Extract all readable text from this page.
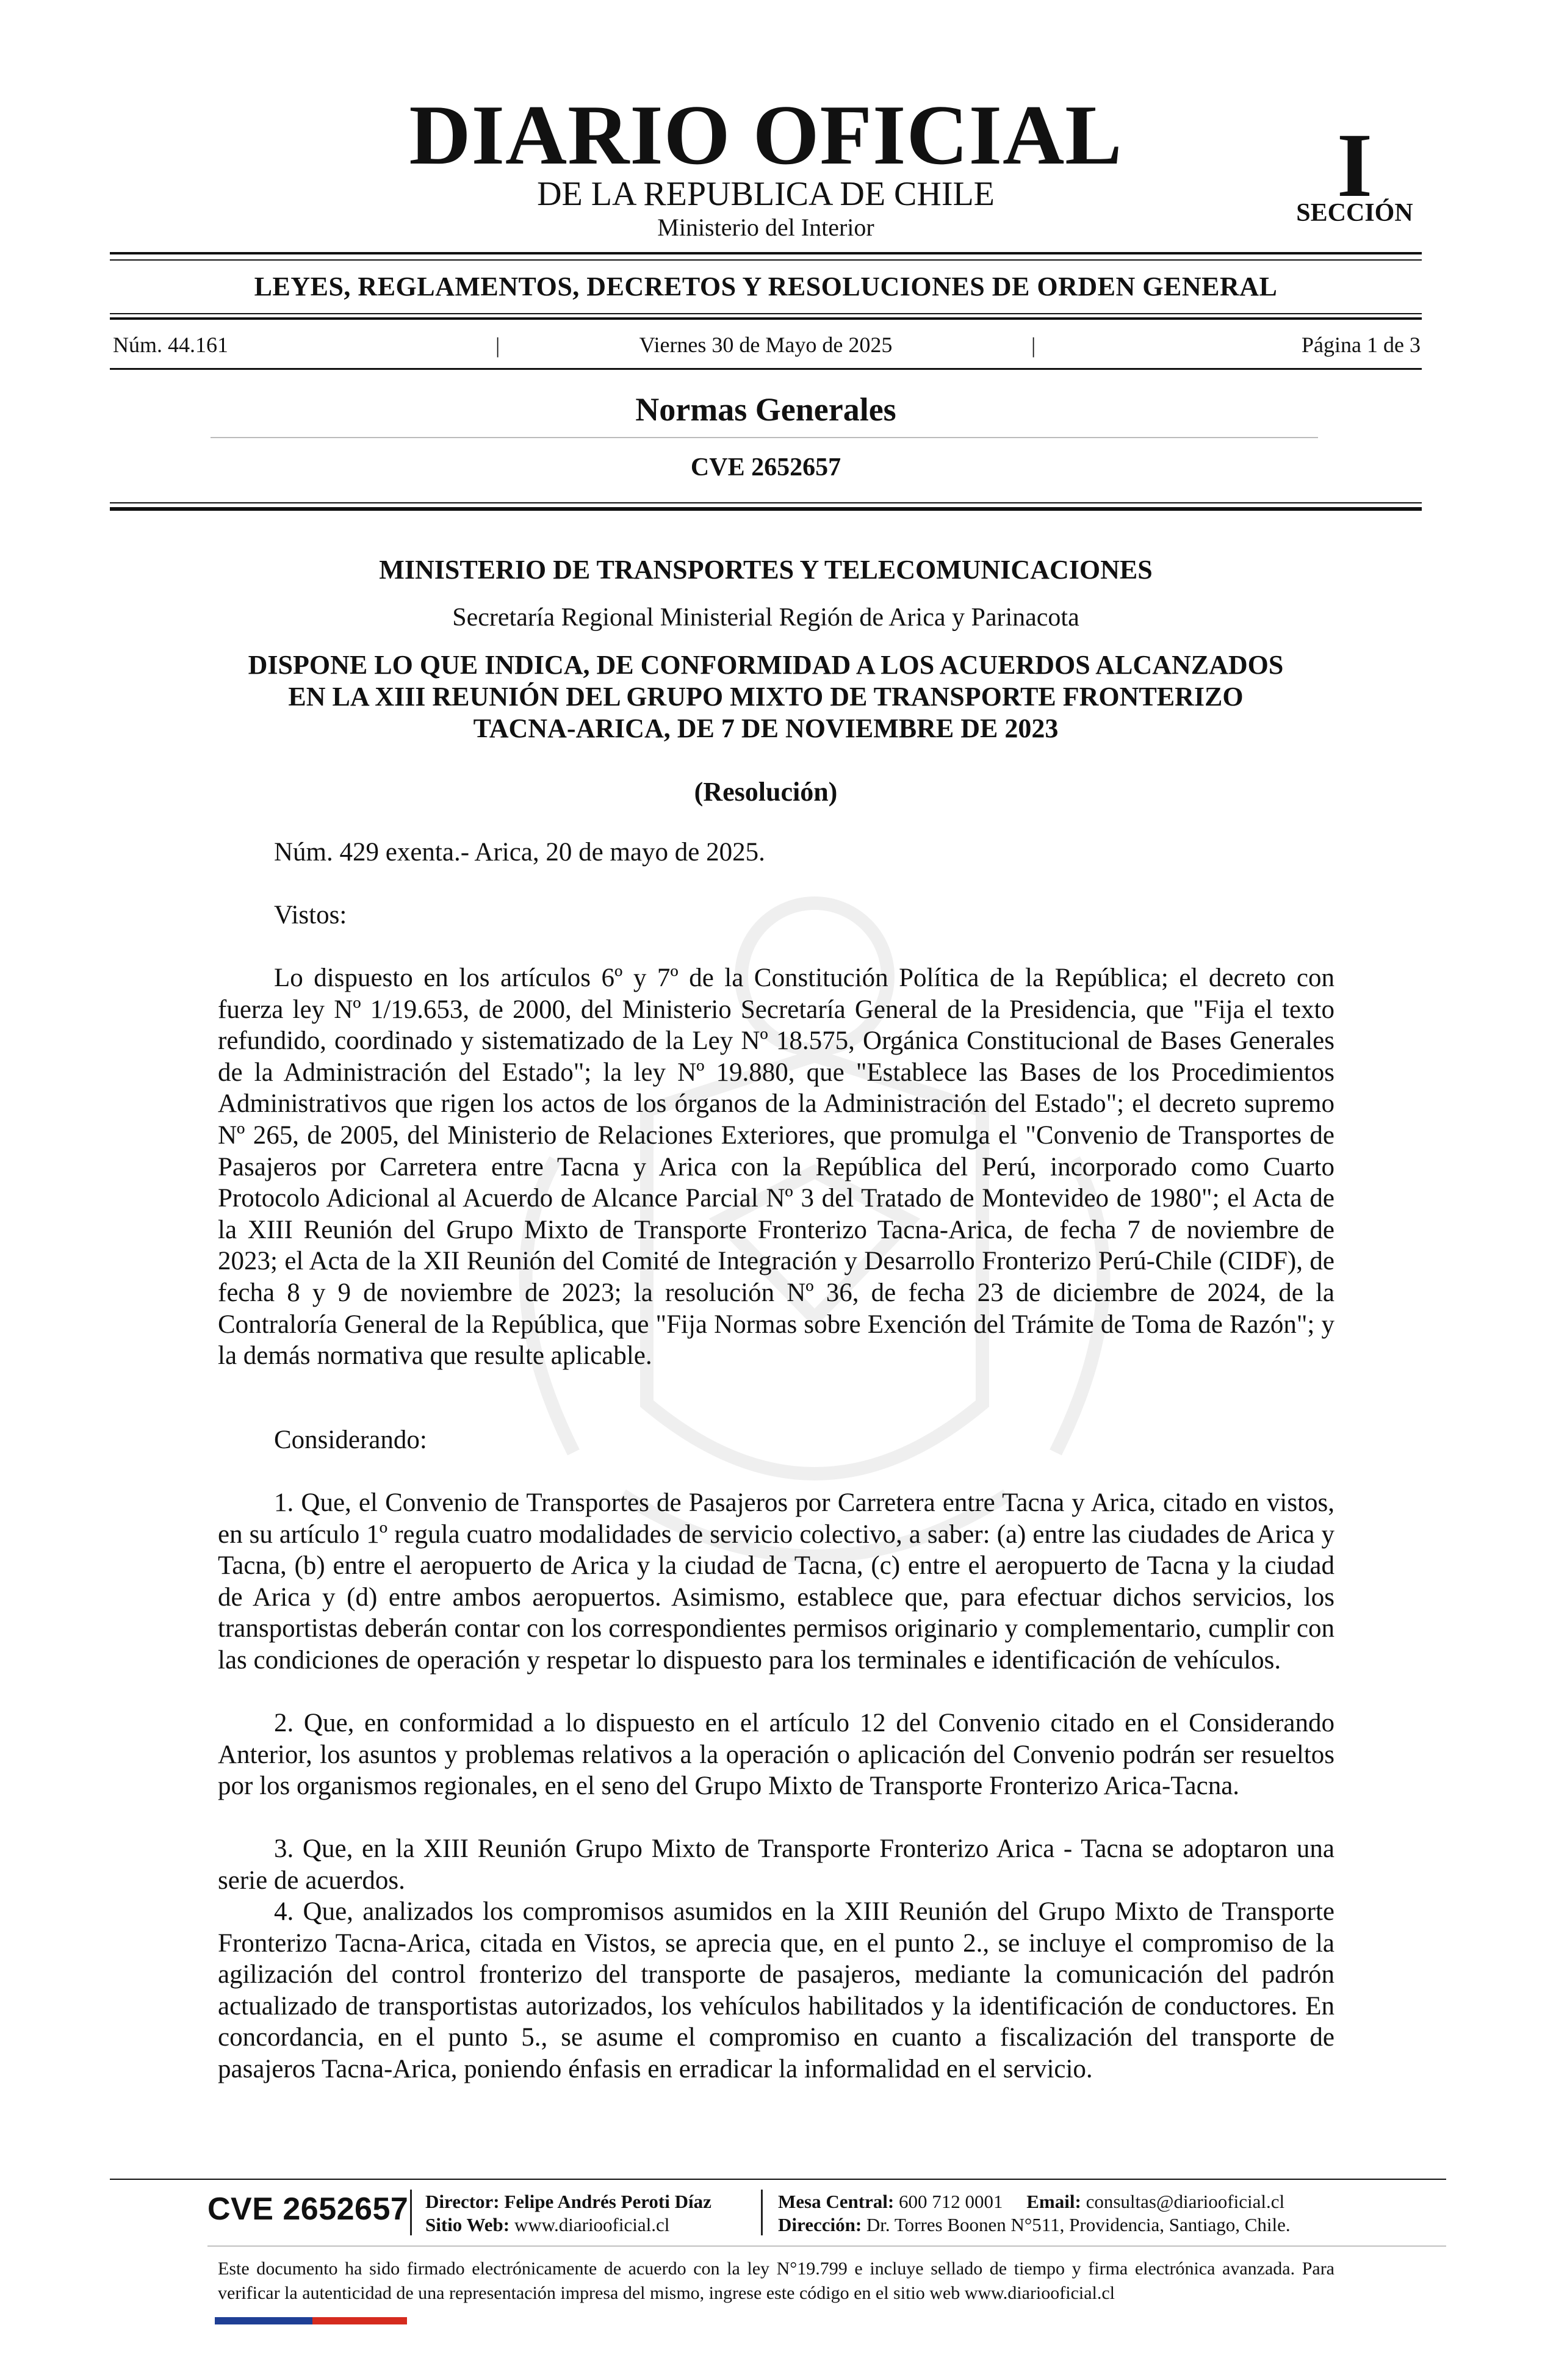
DIARIO OFICIAL
DE LA REPUBLICA DE CHILE
Ministerio del Interior
I
SECCIÓN
LEYES, REGLAMENTOS, DECRETOS Y RESOLUCIONES DE ORDEN GENERAL
Núm. 44.161	|	Viernes 30 de Mayo de 2025	|	Página 1 de 3
Normas Generales
CVE 2652657
MINISTERIO DE TRANSPORTES Y TELECOMUNICACIONES
Secretaría Regional Ministerial Región de Arica y Parinacota
DISPONE LO QUE INDICA, DE CONFORMIDAD A LOS ACUERDOS ALCANZADOS
EN LA XIII REUNIÓN DEL GRUPO MIXTO DE TRANSPORTE FRONTERIZO
TACNA-ARICA, DE 7 DE NOVIEMBRE DE 2023
(Resolución)
Núm. 429 exenta.- Arica, 20 de mayo de 2025.
Vistos:
Lo dispuesto en los artículos 6º y 7º de la Constitución Política de la República; el decreto con fuerza ley Nº 1/19.653, de 2000, del Ministerio Secretaría General de la Presidencia, que "Fija el texto refundido, coordinado y sistematizado de la Ley Nº 18.575, Orgánica Constitucional de Bases Generales de la Administración del Estado"; la ley Nº 19.880, que "Establece las Bases de los Procedimientos Administrativos que rigen los actos de los órganos de la Administración del Estado"; el decreto supremo Nº 265, de 2005, del Ministerio de Relaciones Exteriores, que promulga el "Convenio de Transportes de Pasajeros por Carretera entre Tacna y Arica con la República del Perú, incorporado como Cuarto Protocolo Adicional al Acuerdo de Alcance Parcial Nº 3 del Tratado de Montevideo de 1980"; el Acta de la XIII Reunión del Grupo Mixto de Transporte Fronterizo Tacna-Arica, de fecha 7 de noviembre de 2023; el Acta de la XII Reunión del Comité de Integración y Desarrollo Fronterizo Perú-Chile (CIDF), de fecha 8 y 9 de noviembre de 2023; la resolución Nº 36, de fecha 23 de diciembre de 2024, de la Contraloría General de la República, que "Fija Normas sobre Exención del Trámite de Toma de Razón"; y la demás normativa que resulte aplicable.
Considerando:
1. Que, el Convenio de Transportes de Pasajeros por Carretera entre Tacna y Arica, citado en vistos, en su artículo 1º regula cuatro modalidades de servicio colectivo, a saber: (a) entre las ciudades de Arica y Tacna, (b) entre el aeropuerto de Arica y la ciudad de Tacna, (c) entre el aeropuerto de Tacna y la ciudad de Arica y (d) entre ambos aeropuertos. Asimismo, establece que, para efectuar dichos servicios, los transportistas deberán contar con los correspondientes permisos originario y complementario, cumplir con las condiciones de operación y respetar lo dispuesto para los terminales e identificación de vehículos.
2. Que, en conformidad a lo dispuesto en el artículo 12 del Convenio citado en el Considerando Anterior, los asuntos y problemas relativos a la operación o aplicación del Convenio podrán ser resueltos por los organismos regionales, en el seno del Grupo Mixto de Transporte Fronterizo Arica-Tacna.
3. Que, en la XIII Reunión Grupo Mixto de Transporte Fronterizo Arica - Tacna se adoptaron una serie de acuerdos.
4. Que, analizados los compromisos asumidos en la XIII Reunión del Grupo Mixto de Transporte Fronterizo Tacna-Arica, citada en Vistos, se aprecia que, en el punto 2., se incluye el compromiso de la agilización del control fronterizo del transporte de pasajeros, mediante la comunicación del padrón actualizado de transportistas autorizados, los vehículos habilitados y la identificación de conductores. En concordancia, en el punto 5., se asume el compromiso en cuanto a fiscalización del transporte de pasajeros Tacna-Arica, poniendo énfasis en erradicar la informalidad en el servicio.
CVE 2652657 Director: Felipe Andrés Peroti Díaz
Sitio Web: www.diariooficial.cl
Mesa Central: 600 712 0001 Email: consultas@diariooficial.cl
Dirección: Dr. Torres Boonen N°511, Providencia, Santiago, Chile.
Este documento ha sido firmado electrónicamente de acuerdo con la ley N°19.799 e incluye sellado de tiempo y firma electrónica avanzada. Para verificar la autenticidad de una representación impresa del mismo, ingrese este código en el sitio web www.diariooficial.cl
